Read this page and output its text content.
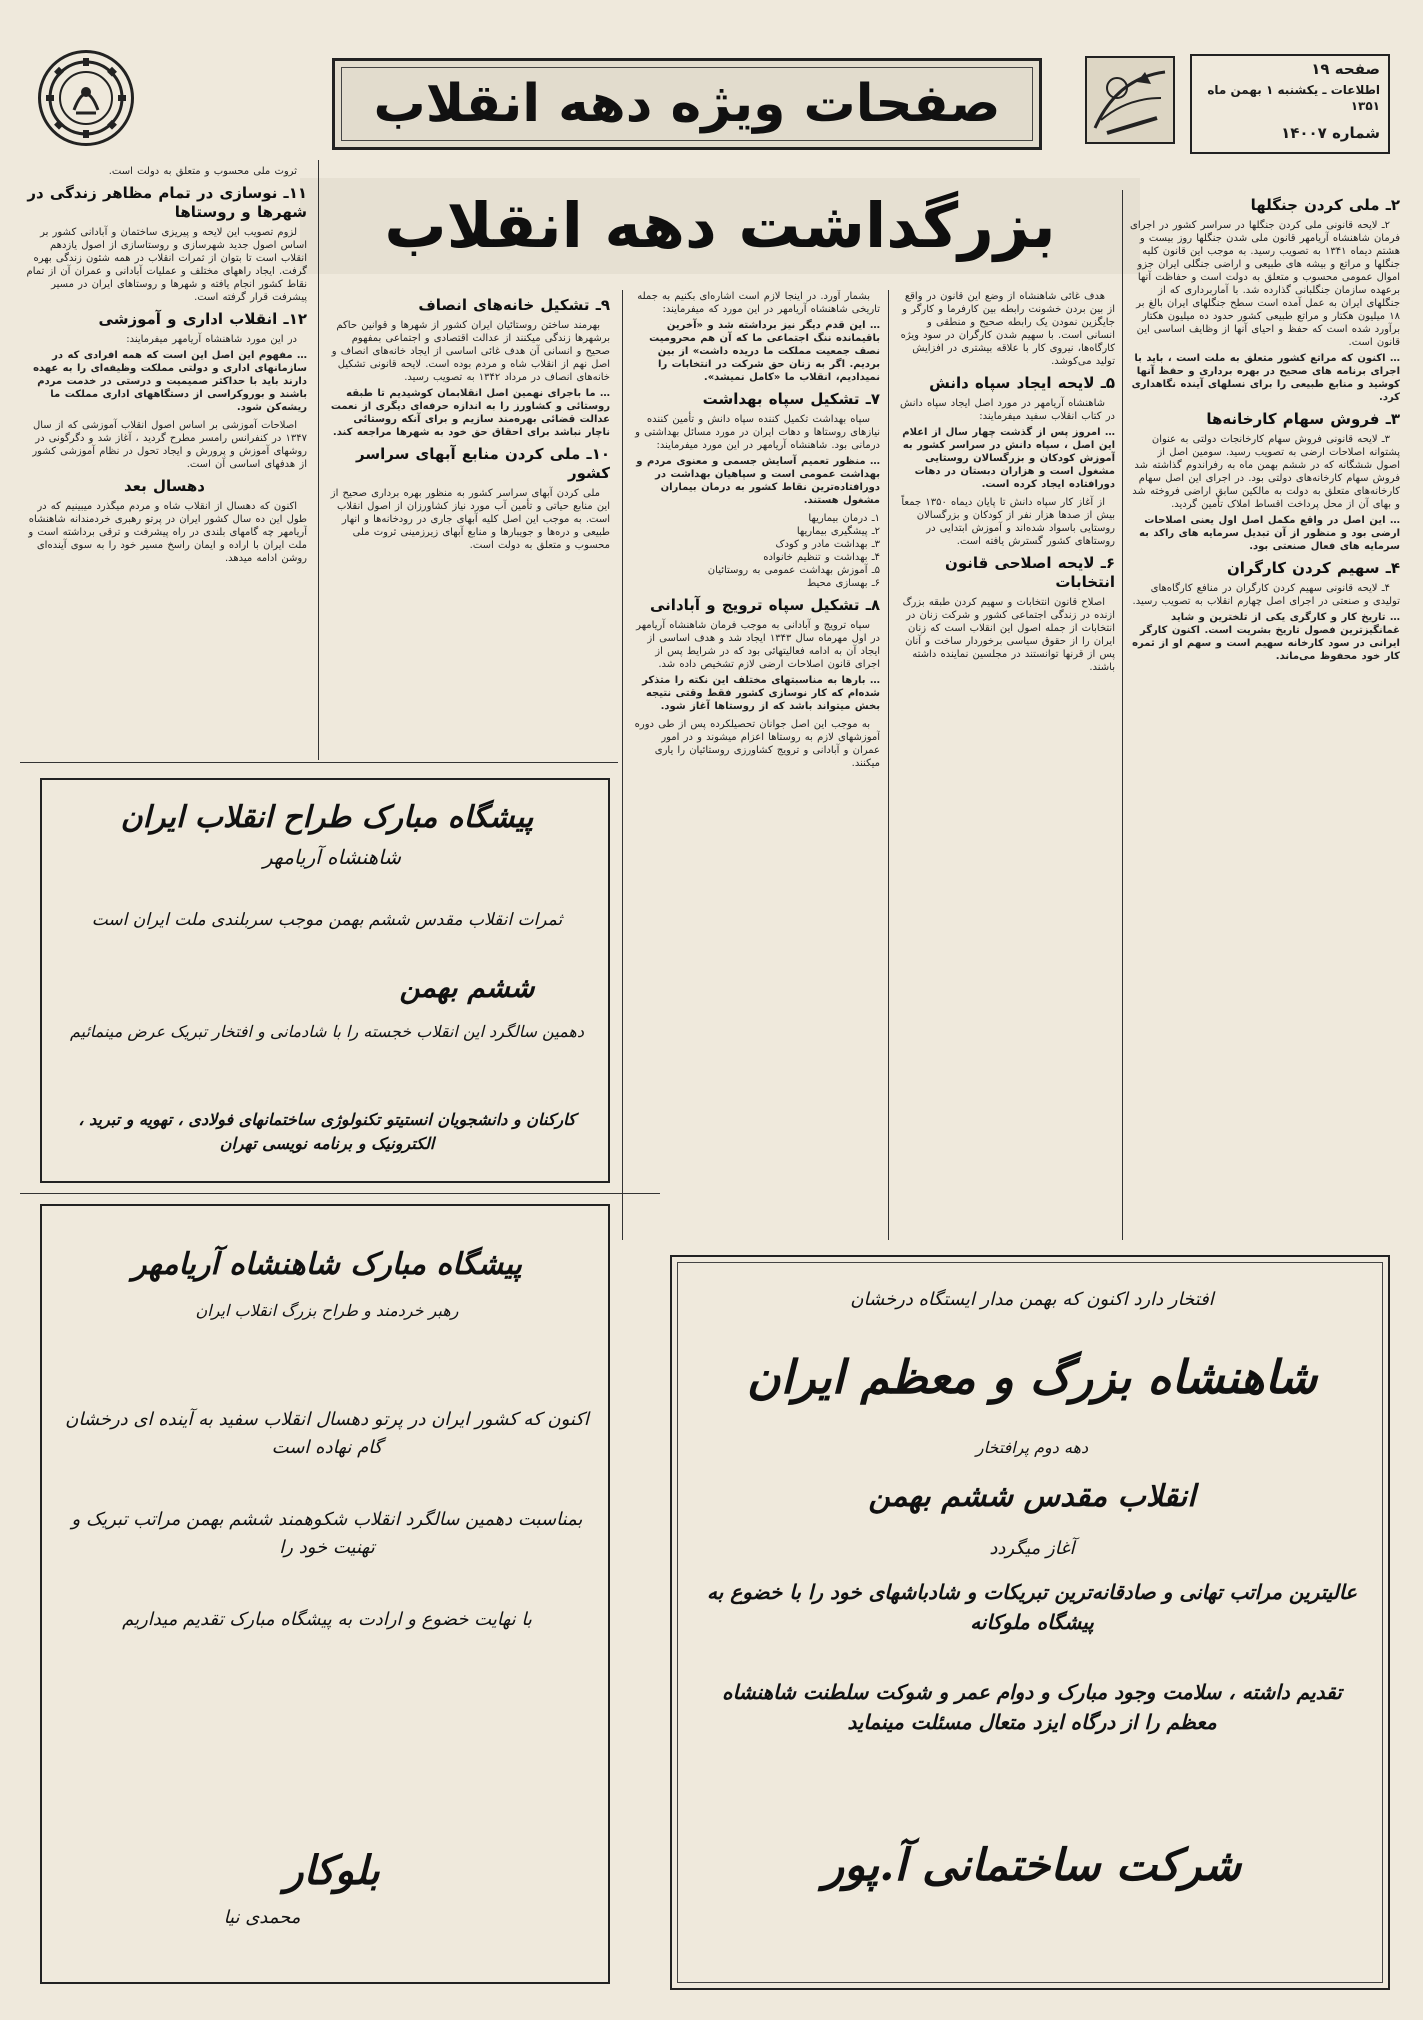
صفحات ویژه دهه انقلاب
صفحه ۱۹
اطلاعات ـ یکشنبه ۱ بهمن ماه ۱۳۵۱
شماره ۱۴۰۰۷
بزرگداشت دهه انقلاب	۲ـ ملی کردن جنگلها

۲ـ لایحه قانونی ملی کردن جنگلها در سراسر کشور در اجرای فرمان شاهنشاه آریامهر قانون ملی شدن جنگلها روز بیست و هشتم دیماه ۱۳۴۱ به تصویب رسید. به موجب این قانون کلیه جنگلها و مراتع و بیشه های طبیعی و اراضی جنگلی ایران جزو اموال عمومی محسوب و متعلق به دولت است و حفاظت آنها برعهده سازمان جنگلبانی گذارده شد. با آماربرداری که از جنگلهای ایران به عمل آمده است سطح جنگلهای ایران بالغ بر ۱۸ میلیون هکتار و مراتع طبیعی کشور حدود ده میلیون هکتار برآورد شده است که حفظ و احیای آنها از وظایف اساسی این قانون است.

… اکنون که مراتع کشور متعلق به ملت است ، باید با اجرای برنامه های صحیح در بهره برداری و حفظ آنها کوشید و منابع طبیعی را برای نسلهای آینده نگاهداری کرد.
۳ـ فروش سهام کارخانه‌ها

۳ـ لایحه قانونی فروش سهام کارخانجات دولتی به عنوان پشتوانه اصلاحات ارضی به تصویب رسید. سومین اصل از اصول ششگانه که در ششم بهمن ماه به رفراندوم گذاشته شد فروش سهام کارخانه‌های دولتی بود. در اجرای این اصل سهام کارخانه‌های متعلق به دولت به مالکین سابق اراضی فروخته شد و بهای آن از محل پرداخت اقساط املاک تأمین گردید.

… این اصل در واقع مکمل اصل اول یعنی اصلاحات ارضی بود و منظور از آن تبدیل سرمایه های راکد به سرمایه های فعال صنعتی بود.
۴ـ سهیم کردن کارگران

۴ـ لایحه قانونی سهیم کردن کارگران در منافع کارگاه‌های تولیدی و صنعتی در اجرای اصل چهارم انقلاب به تصویب رسید.

… تاریخ کار و کارگری یکی از تلخترین و شاید غمانگیزترین فصول تاریخ بشریت است. اکنون کارگر ایرانی در سود کارخانه سهیم است و سهم او از ثمره کار خود محفوظ می‌ماند.

هدف غائی شاهنشاه از وضع این قانون در واقع از بین بردن خشونت رابطه بین کارفرما و کارگر و جایگزین نمودن یک رابطه صحیح و منطقی و انسانی است. با سهیم شدن کارگران در سود ویژه کارگاه‌ها، نیروی کار با علاقه بیشتری در افزایش تولید می‌کوشد.

۵ـ لایحه ایجاد سپاه دانش

شاهنشاه آریامهر در مورد اصل ایجاد سپاه دانش در کتاب انقلاب سفید میفرمایند:

… امروز پس از گذشت چهار سال از اعلام این اصل ، سپاه دانش در سراسر کشور به آموزش کودکان و بزرگسالان روستایی مشغول است و هزاران دبستان در دهات دورافتاده ایجاد کرده است.

از آغاز کار سپاه دانش تا پایان دیماه ۱۳۵۰ جمعاً بیش از صدها هزار نفر از کودکان و بزرگسالان روستایی باسواد شده‌اند و آموزش ابتدایی در روستاهای کشور گسترش یافته است.

۶ـ لایحه اصلاحی قانون انتخابات

اصلاح قانون انتخابات و سهیم کردن طبقه بزرگ ازنده در زندگی اجتماعی کشور و شرکت زنان در انتخابات از جمله اصول این انقلاب است که زنان ایران را از حقوق سیاسی برخوردار ساخت و آنان پس از قرنها توانستند در مجلسین نماینده داشته باشند.

بشمار آورد. در اینجا لازم است اشاره‌ای بکنیم به جمله تاریخی شاهنشاه آریامهر در این مورد که میفرمایند:

… این قدم دیگر نیز برداشته شد و «آخرین باقیمانده ننگ اجتماعی ما که آن هم محرومیت نصف جمعیت مملکت ما دریده داشت» از بین بردیم. اگر به زنان حق شرکت در انتخابات را نمیدادیم، انقلاب ما «کامل نمیشد».
۷ـ تشکیل سپاه بهداشت

سپاه بهداشت تکمیل کننده سپاه دانش و تأمین کننده نیازهای روستاها و دهات ایران در مورد مسائل بهداشتی و درمانی بود. شاهنشاه آریامهر در این مورد میفرمایند:

… منظور تعمیم آسایش جسمی و معنوی مردم و بهداشت عمومی است و سپاهیان بهداشت در دورافتاده‌ترین نقاط کشور به درمان بیماران مشغول هستند.
۱ـ درمان بیماریها
۲ـ پیشگیری بیماریها
۳ـ بهداشت مادر و کودک
۴ـ بهداشت و تنظیم خانواده
۵ـ آموزش بهداشت عمومی به روستائیان
۶ـ بهسازی محیط
۸ـ تشکیل سپاه ترویج و آبادانی

سپاه ترویج و آبادانی به موجب فرمان شاهنشاه آریامهر در اول مهرماه سال ۱۳۴۳ ایجاد شد و هدف اساسی از ایجاد آن به ادامه فعالیتهائی بود که در شرایط پس از اجرای قانون اصلاحات ارضی لازم تشخیص داده شد.

… بارها به مناسبتهای مختلف این نکته را متذکر شده‌ام که کار نوسازی کشور فقط وقتی نتیجه بخش میتواند باشد که از روستاها آغاز شود.

به موجب این اصل جوانان تحصیلکرده پس از طی دوره آموزشهای لازم به روستاها اعزام میشوند و در امور عمران و آبادانی و ترویج کشاورزی روستائیان را یاری میکنند.

۹ـ تشکیل خانه‌های انصاف

بهرمند ساختن روستائیان ایران کشور از شهرها و قوانین حاکم برشهرها زندگی میکنند از عدالت اقتصادی و اجتماعی بمفهوم صحیح و انسانی آن هدف غائی اساسی از ایجاد خانه‌های انصاف و اصل نهم از انقلاب شاه و مردم بوده است. لایحه قانونی تشکیل خانه‌های انصاف در مرداد ۱۳۴۲ به تصویب رسید.

… ما باجرای نهمین اصل انقلابمان کوشیدیم تا طبقه روستائی و کشاورز را به اندازه حرفه‌ای دیگری از نعمت عدالت قضائی بهره‌مند سازیم و برای آنکه روستائی ناچار نباشد برای احقاق حق خود به شهرها مراجعه کند.
۱۰ـ ملی کردن منابع آبهای سراسر کشور

ملی کردن آبهای سراسر کشور به منظور بهره برداری صحیح از این منابع حیاتی و تأمین آب مورد نیاز کشاورزان از اصول انقلاب است. به موجب این اصل کلیه آبهای جاری در رودخانه‌ها و انهار طبیعی و دره‌ها و جویبارها و منابع آبهای زیرزمینی ثروت ملی محسوب و متعلق به دولت است.

ثروت ملی محسوب و متعلق به دولت است.

۱۱ـ نوسازی در تمام مظاهر زندگی در شهرها و روستاها

لزوم تصویب این لایحه و پیریزی ساختمان و آبادانی کشور بر اساس اصول جدید شهرسازی و روستاسازی از اصول یازدهم انقلاب است تا بتوان از ثمرات انقلاب در همه شئون زندگی بهره گرفت. ایجاد راههای مختلف و عملیات آبادانی و عمران آن از تمام نقاط کشور انجام یافته و شهرها و روستاهای ایران در مسیر پیشرفت قرار گرفته است.

۱۲ـ انقلاب اداری و آموزشی

در این مورد شاهنشاه آریامهر میفرمایند:

… مفهوم این اصل این است که همه افرادی که در سازمانهای اداری و دولتی مملکت وظیفه‌ای را به عهده دارند باید با حداکثر صمیمیت و درستی در خدمت مردم باشند و بوروکراسی از دستگاههای اداری مملکت ما ریشه‌کن شود.

اصلاحات آموزشی بر اساس اصول انقلاب آموزشی که از سال ۱۳۴۷ در کنفرانس رامسر مطرح گردید ، آغاز شد و دگرگونی در روشهای آموزش و پرورش و ایجاد تحول در نظام آموزشی کشور از هدفهای اساسی آن است.

دهسال بعد

اکنون که دهسال از انقلاب شاه و مردم میگذرد میبینیم که در طول این ده سال کشور ایران در پرتو رهبری خردمندانه شاهنشاه آریامهر چه گامهای بلندی در راه پیشرفت و ترقی برداشته است و ملت ایران با اراده و ایمان راسخ مسیر خود را به سوی آینده‌ای روشن ادامه میدهد.

پیشگاه مبارک طراح انقلاب ایران
شاهنشاه آریامهر
ثمرات انقلاب مقدس ششم بهمن موجب سربلندی ملت ایران است
ششم بهمن
دهمین سالگرد این انقلاب خجسته را با شادمانی و افتخار تبریک عرض مینمائیم
کارکنان و دانشجویان انستیتو تکنولوژی ساختمانهای فولادی ، تهویه و تبرید ، الکترونیک و برنامه نویسی تهران
پیشگاه مبارک شاهنشاه آریامهر
رهبر خردمند و طراح بزرگ انقلاب ایران
اکنون که کشور ایران در پرتو دهسال انقلاب سفید به آینده ای درخشان گام نهاده است
بمناسبت دهمین سالگرد انقلاب شکوهمند ششم بهمن مراتب تبریک و تهنیت خود را
با نهایت خضوع و ارادت به پیشگاه مبارک تقدیم میداریم
بلوکار
محمدی نیا
افتخار دارد اکنون که بهمن مدار ایستگاه درخشان
شاهنشاه بزرگ و معظم ایران
دهه دوم پرافتخار
انقلاب مقدس ششم بهمن
آغاز میگردد
عالیترین مراتب تهانی و صادقانه‌ترین تبریکات و شادباشهای خود را با خضوع به پیشگاه ملوکانه
تقدیم داشته ، سلامت وجود مبارک و دوام عمر و شوکت سلطنت شاهنشاه معظم را از درگاه ایزد متعال مسئلت مینماید
شرکت ساختمانی آ.پور
